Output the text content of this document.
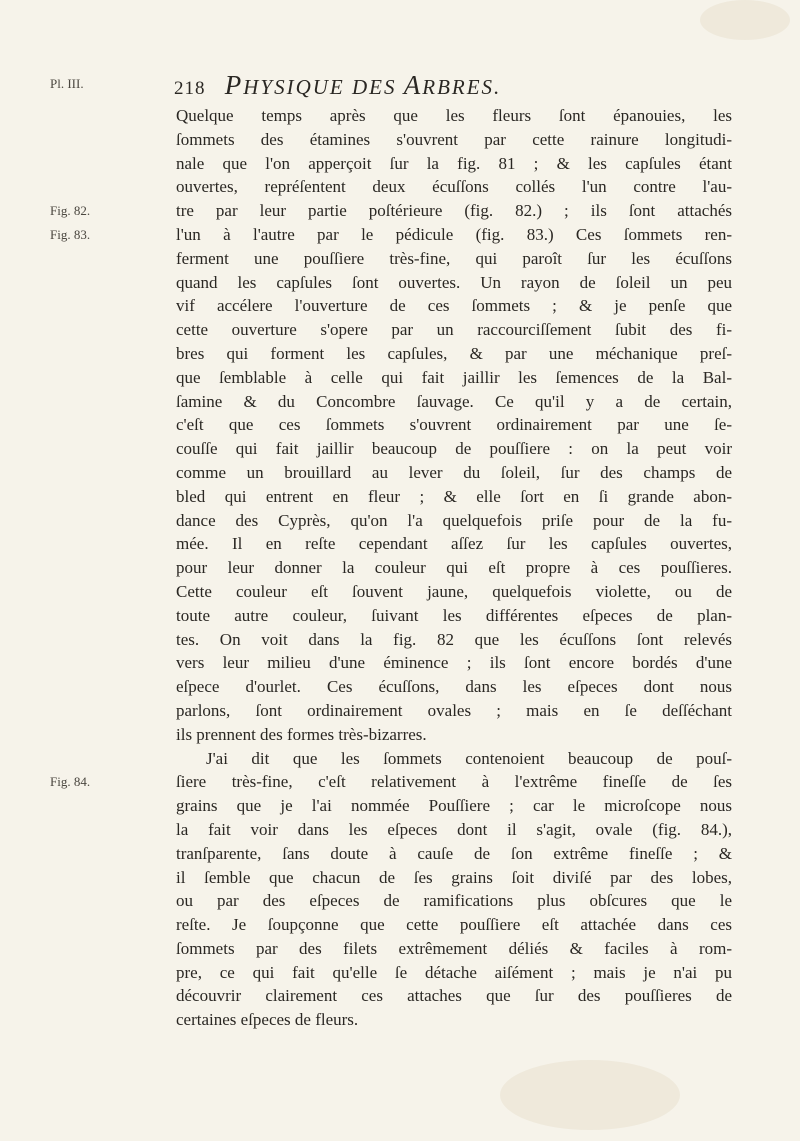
218 PHYSIQUE DES ARBRES.
Pl. III.
Fig. 82.
Fig. 83.
Fig. 84.
Quelque temps après que les fleurs ſont épanouies, les
ſommets des étamines s'ouvrent par cette rainure longitudi-
nale que l'on apperçoit ſur la fig. 81 ; & les capſules étant
ouvertes, repréſentent deux écuſſons collés l'un contre l'au-
tre par leur partie poſtérieure (fig. 82.) ; ils ſont attachés
l'un à l'autre par le pédicule (fig. 83.) Ces ſommets ren-
ferment une pouſſiere très-fine, qui paroît ſur les écuſſons
quand les capſules ſont ouvertes. Un rayon de ſoleil un peu
vif accélere l'ouverture de ces ſommets ; & je penſe que
cette ouverture s'opere par un raccourciſſement ſubit des fi-
bres qui forment les capſules, & par une méchanique preſ-
que ſemblable à celle qui fait jaillir les ſemences de la Bal-
ſamine & du Concombre ſauvage. Ce qu'il y a de certain,
c'eſt que ces ſommets s'ouvrent ordinairement par une ſe-
couſſe qui fait jaillir beaucoup de pouſſiere : on la peut voir
comme un brouillard au lever du ſoleil, ſur des champs de
bled qui entrent en fleur ; & elle ſort en ſi grande abon-
dance des Cyprès, qu'on l'a quelquefois priſe pour de la fu-
mée. Il en reſte cependant aſſez ſur les capſules ouvertes,
pour leur donner la couleur qui eſt propre à ces pouſſieres.
Cette couleur eſt ſouvent jaune, quelquefois violette, ou de
toute autre couleur, ſuivant les différentes eſpeces de plan-
tes. On voit dans la fig. 82 que les écuſſons ſont relevés
vers leur milieu d'une éminence ; ils ſont encore bordés d'une
eſpece d'ourlet. Ces écuſſons, dans les eſpeces dont nous
parlons, ſont ordinairement ovales ; mais en ſe deſſéchant
ils prennent des formes très-bizarres.
J'ai dit que les ſommets contenoient beaucoup de pouſ-
ſiere très-fine, c'eſt relativement à l'extrême fineſſe de ſes
grains que je l'ai nommée Pouſſiere ; car le microſcope nous
la fait voir dans les eſpeces dont il s'agit, ovale (fig. 84.),
tranſparente, ſans doute à cauſe de ſon extrême fineſſe ; &
il ſemble que chacun de ſes grains ſoit diviſé par des lobes,
ou par des eſpeces de ramifications plus obſcures que le
reſte. Je ſoupçonne que cette pouſſiere eſt attachée dans ces
ſommets par des filets extrêmement déliés & faciles à rom-
pre, ce qui fait qu'elle ſe détache aiſément ; mais je n'ai pu
découvrir clairement ces attaches que ſur des pouſſieres de
certaines eſpeces de fleurs.
